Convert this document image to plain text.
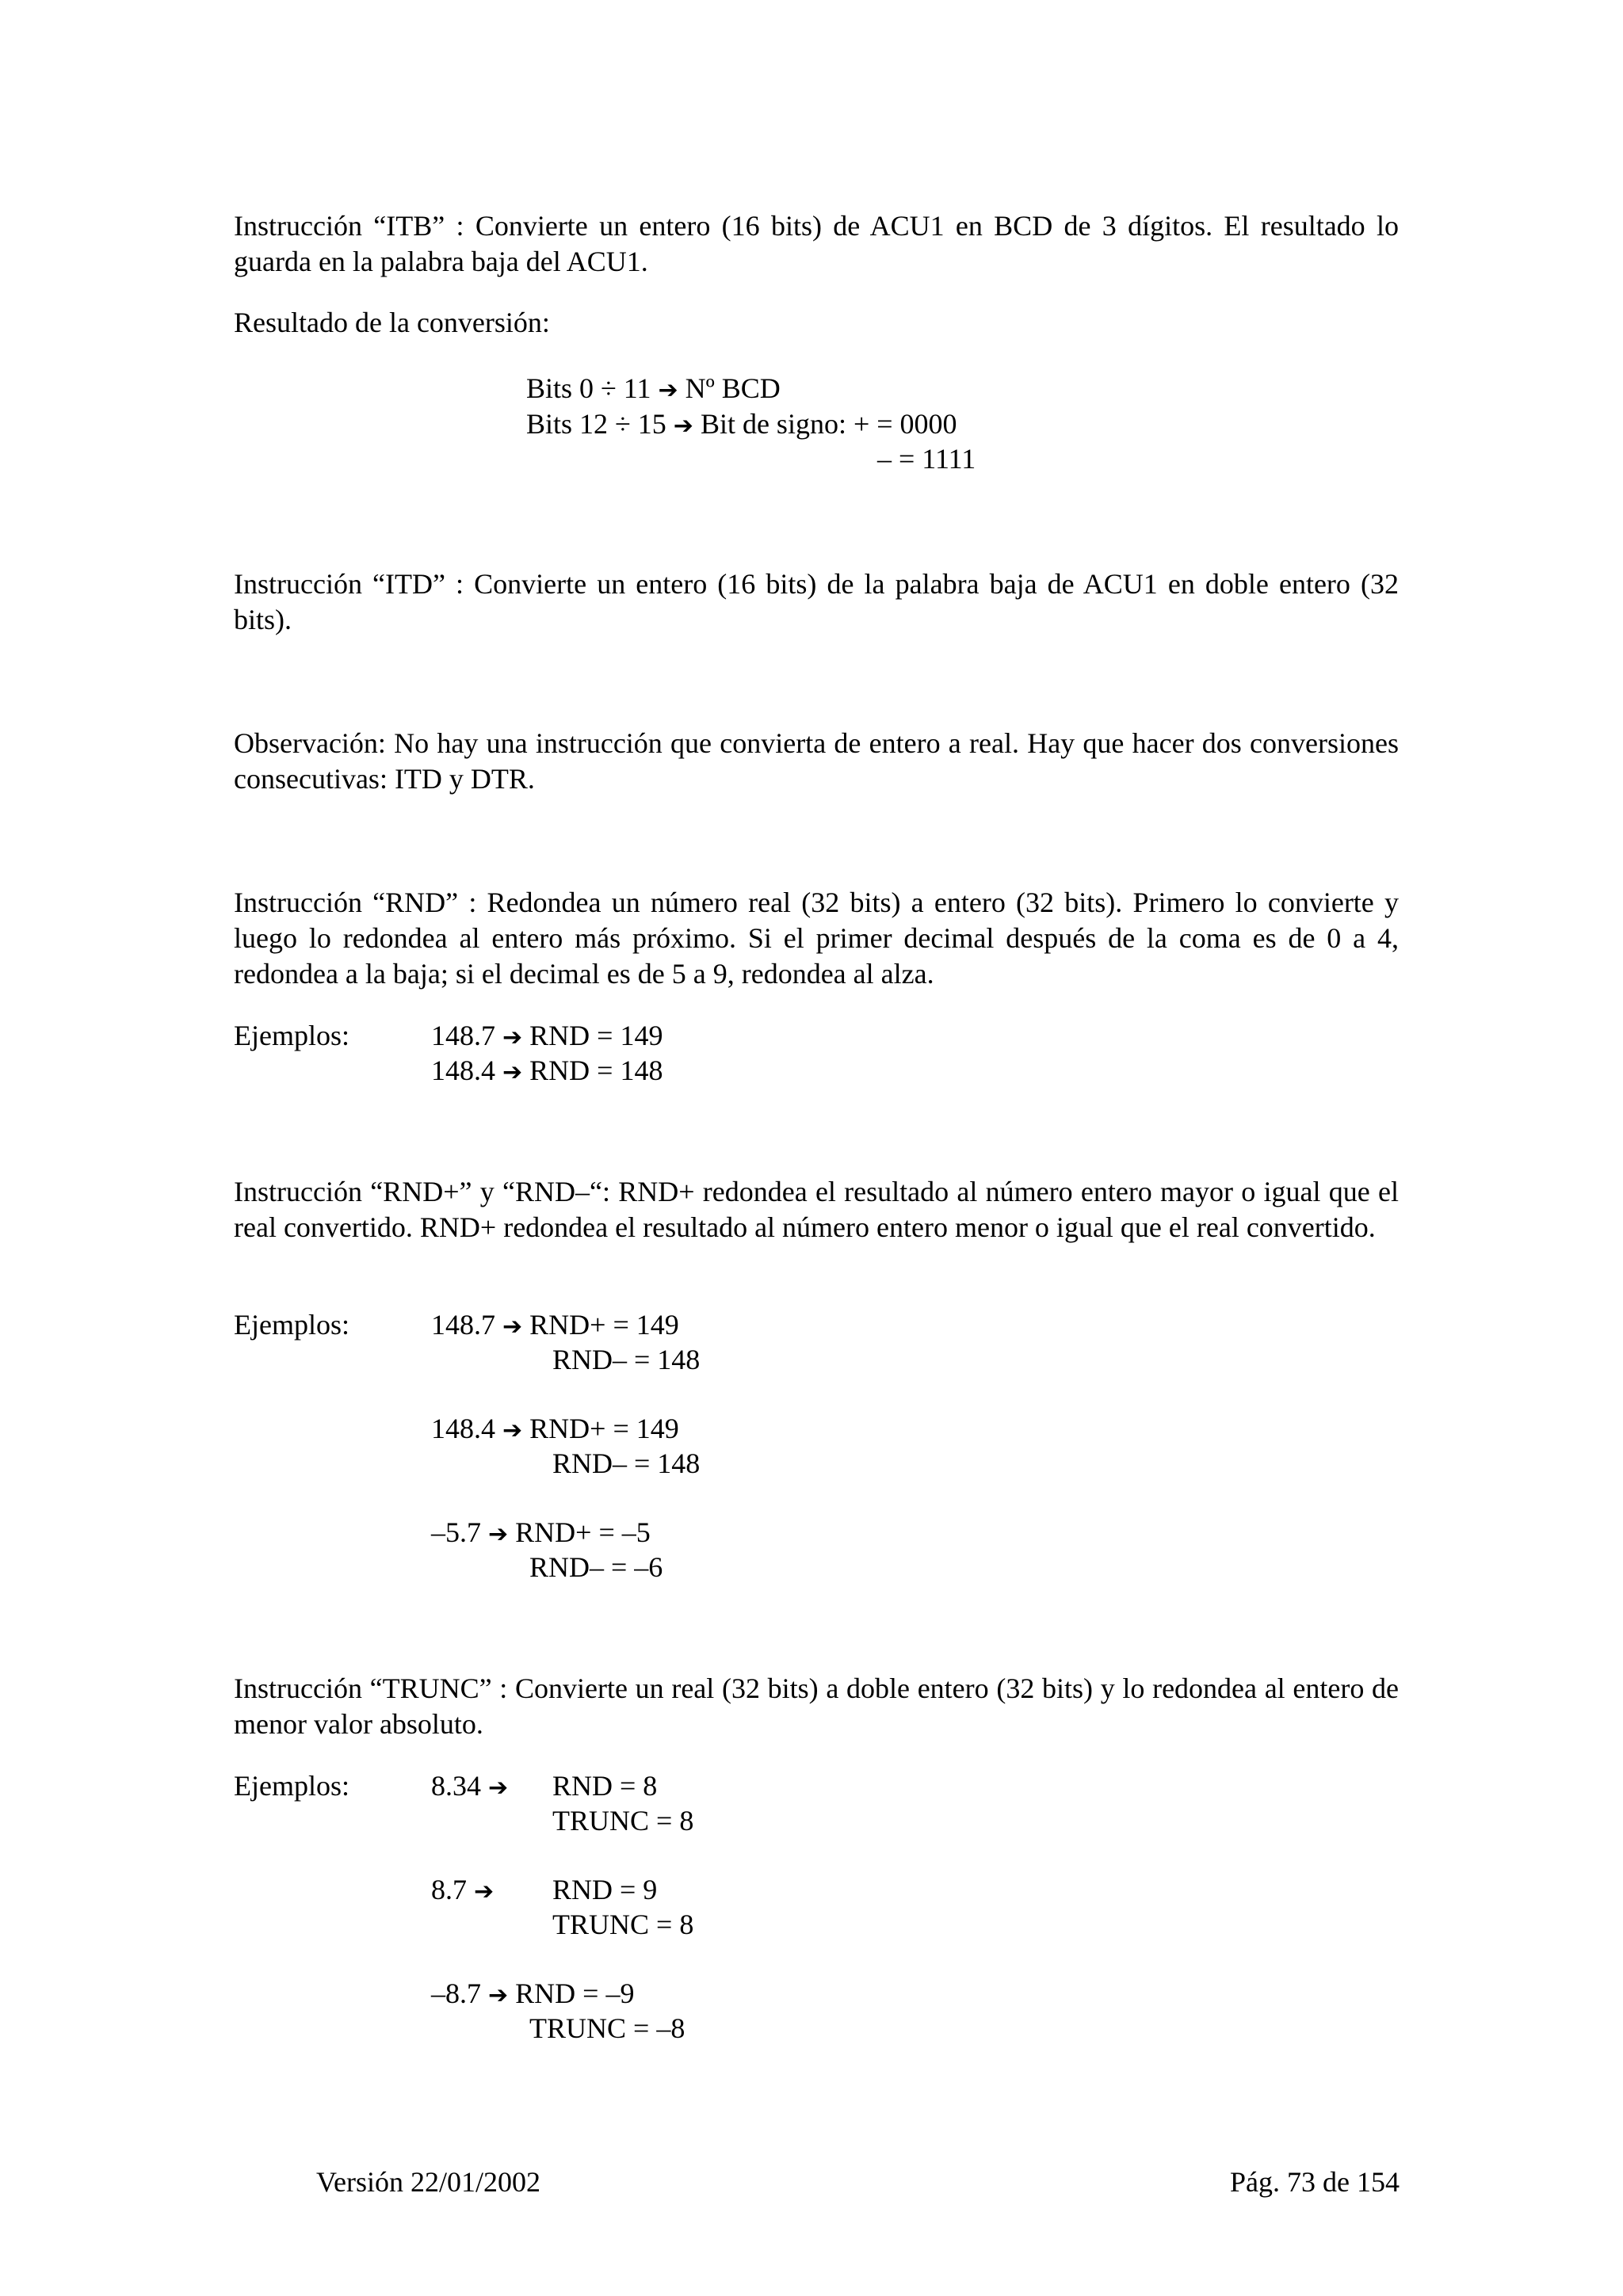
Instrucción “ITB” : Convierte un entero (16 bits) de ACU1 en BCD de 3 dígitos. El resultado lo guarda en la palabra baja del ACU1.

Resultado de la conversión:
Bits 0 ÷ 11 ➔ Nº BCD
Bits 12 ÷ 15 ➔ Bit de signo: + = 0000
– = 1111

Instrucción “ITD” : Convierte un entero (16 bits) de la palabra baja de ACU1 en doble entero (32 bits).

Observación: No hay una instrucción que convierta de entero a real. Hay que hacer dos conversiones consecutivas: ITD y DTR.

Instrucción “RND” : Redondea un número real (32 bits) a entero (32 bits). Primero lo convierte y luego lo redondea al entero más próximo. Si el primer decimal después de la coma es de 0 a 4, redondea a la baja; si el decimal es de 5 a 9, redondea al alza.

Ejemplos:	148.7 ➔ RND = 149
148.4 ➔ RND = 148

Instrucción “RND+” y “RND–“: RND+ redondea el resultado al número entero mayor o igual que el real convertido. RND+ redondea el resultado al número entero menor o igual que el real convertido.

Ejemplos:	148.7 ➔ RND+ = 149
RND– = 148
148.4 ➔ RND+ = 149
RND– = 148
–5.7 ➔ RND+ = –5
RND– = –6

Instrucción “TRUNC” : Convierte un real (32 bits) a doble entero (32 bits) y lo redondea al entero de menor valor absoluto.

Ejemplos:	8.34 ➔ RND = 8
TRUNC = 8
8.7 ➔ RND = 9
TRUNC = 8
–8.7 ➔ RND = –9
TRUNC = –8
Versión 22/01/2002	Pág. 73 de 154
